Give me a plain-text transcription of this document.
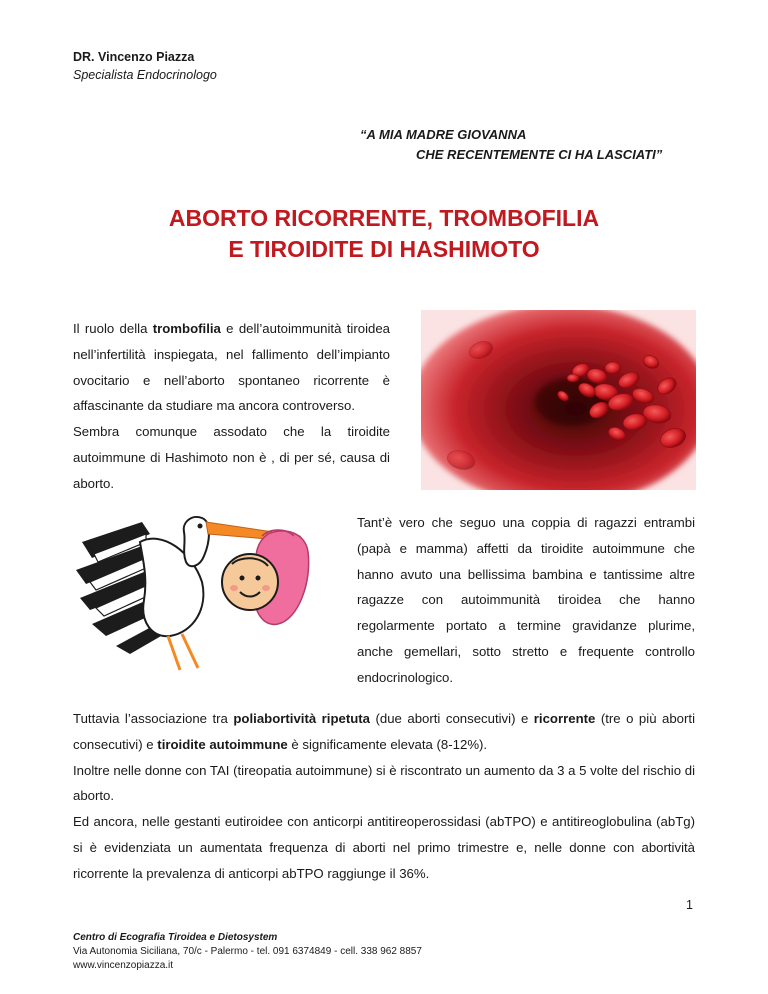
DR. Vincenzo Piazza
Specialista Endocrinologo
“A MIA MADRE GIOVANNA
CHE RECENTEMENTE CI HA LASCIATI”
ABORTO RICORRENTE, TROMBOFILIA
E TIROIDITE DI HASHIMOTO

Il ruolo della trombofilia e dell’autoimmunità tiroidea nell’infertilità inspiegata, nel fallimento dell’impianto ovocitario e nell’aborto spontaneo ricorrente è affascinante da studiare ma ancora controverso.

Sembra comunque assodato che la tiroidite autoimmune di Hashimoto non è , di per sé, causa di aborto.

Tant’è vero che seguo una coppia di ragazzi entrambi (papà e mamma) affetti da tiroidite autoimmune che hanno avuto una bellissima bambina e tantissime altre ragazze con autoimmunità tiroidea che hanno regolarmente portato a termine gravidanze plurime, anche gemellari, sotto stretto e frequente controllo endocrinologico.

Tuttavia l’associazione tra poliabortività ripetuta (due aborti consecutivi) e ricorrente (tre o più aborti consecutivi) e tiroidite autoimmune è significamente elevata (8-12%).

Inoltre nelle donne con TAI (tireopatia autoimmune) si è riscontrato un aumento da 3 a 5 volte del rischio di aborto.

Ed ancora, nelle gestanti eutiroidee con anticorpi antitireoperossidasi (abTPO) e antitireoglobulina (abTg) si è evidenziata un aumentata frequenza di aborti nel primo trimestre e, nelle donne con abortività ricorrente la prevalenza di anticorpi abTPO raggiunge il 36%.

1
Centro di Ecografia Tiroidea e Dietosystem
Via Autonomia Siciliana, 70/c - Palermo - tel. 091 6374849 - cell. 338 962 8857
www.vincenzopiazza.it
